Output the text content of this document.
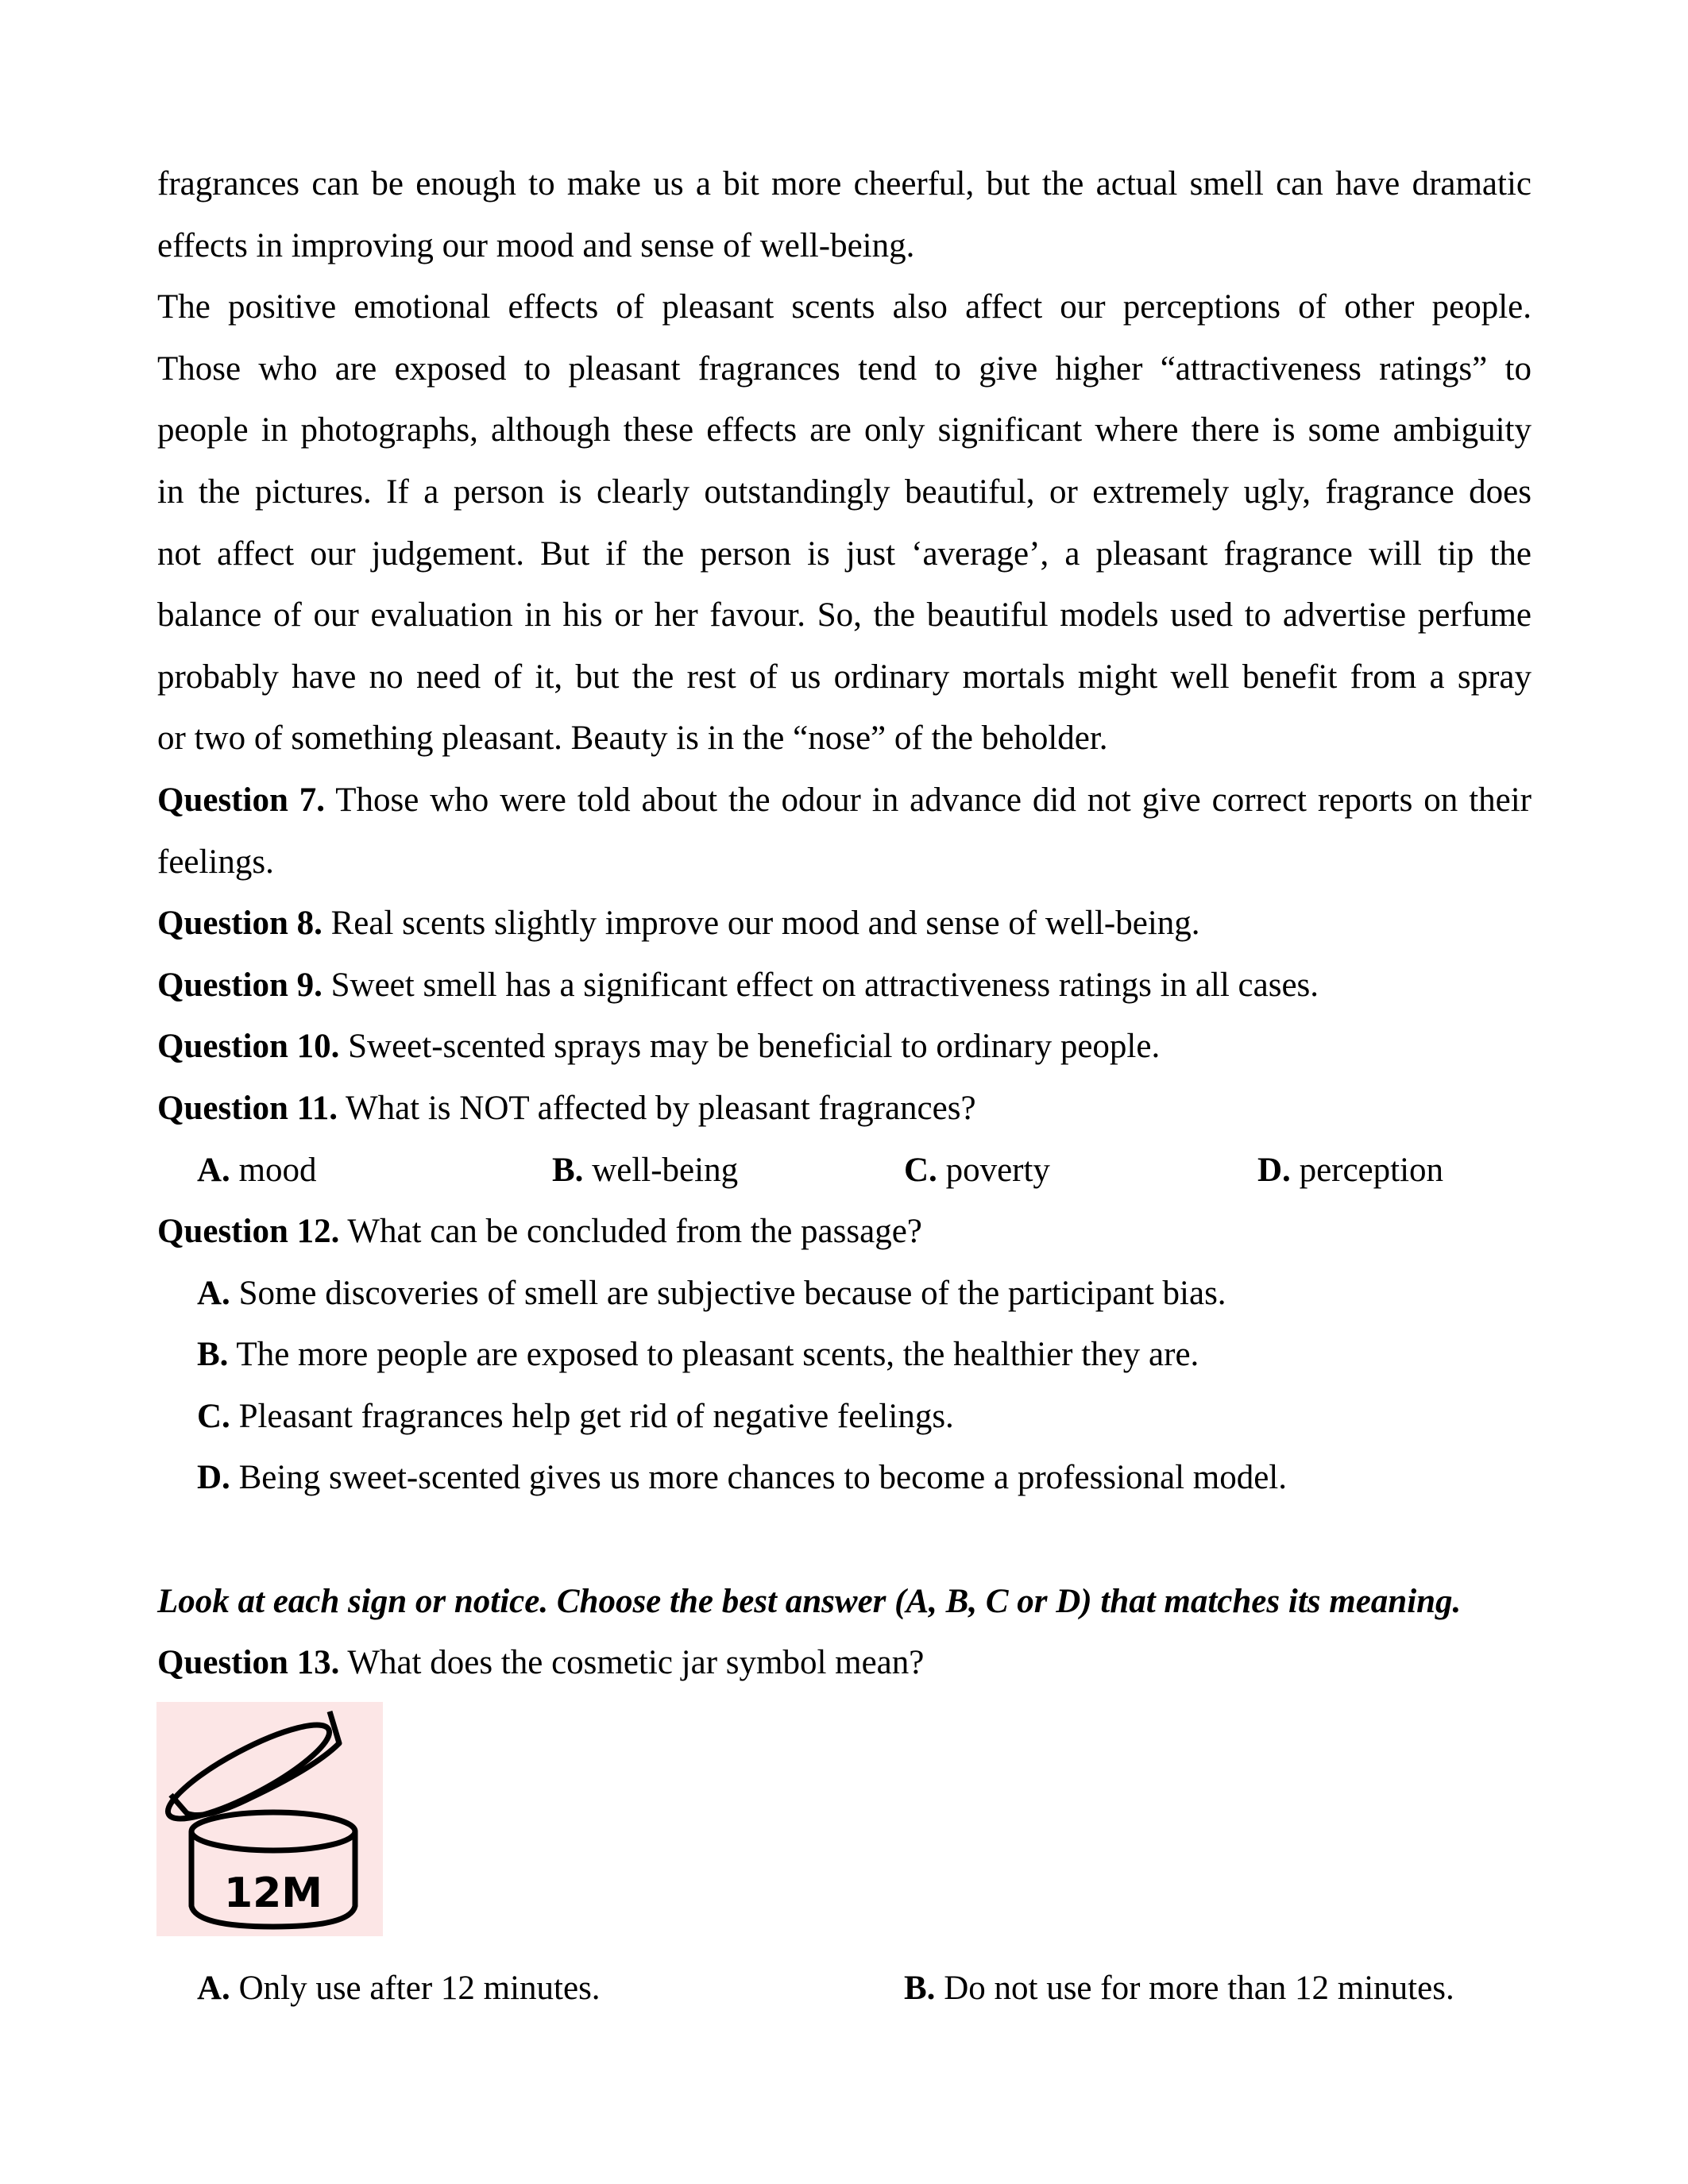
fragrances can be enough to make us a bit more cheerful, but the actual smell can have dramatic
effects in improving our mood and sense of well-being.
The positive emotional effects of pleasant scents also affect our perceptions of other people.
Those who are exposed to pleasant fragrances tend to give higher “attractiveness ratings” to
people in photographs, although these effects are only significant where there is some ambiguity
in the pictures. If a person is clearly outstandingly beautiful, or extremely ugly, fragrance does
not affect our judgement. But if the person is just ‘average’, a pleasant fragrance will tip the
balance of our evaluation in his or her favour. So, the beautiful models used to advertise perfume
probably have no need of it, but the rest of us ordinary mortals might well benefit from a spray
or two of something pleasant. Beauty is in the “nose” of the beholder.
Question 7. Those who were told about the odour in advance did not give correct reports on their
feelings.
Question 8. Real scents slightly improve our mood and sense of well-being.
Question 9. Sweet smell has a significant effect on attractiveness ratings in all cases.
Question 10. Sweet-scented sprays may be beneficial to ordinary people.
Question 11. What is NOT affected by pleasant fragrances?
A. mood	B. well-being	C. poverty	D. perception
Question 12. What can be concluded from the passage?
A. Some discoveries of smell are subjective because of the participant bias.
B. The more people are exposed to pleasant scents, the healthier they are.
C. Pleasant fragrances help get rid of negative feelings.
D. Being sweet-scented gives us more chances to become a professional model.
Look at each sign or notice. Choose the best answer (A, B, C or D) that matches its meaning.
Question 13. What does the cosmetic jar symbol mean?
12M
A. Only use after 12 minutes.	B. Do not use for more than 12 minutes.
